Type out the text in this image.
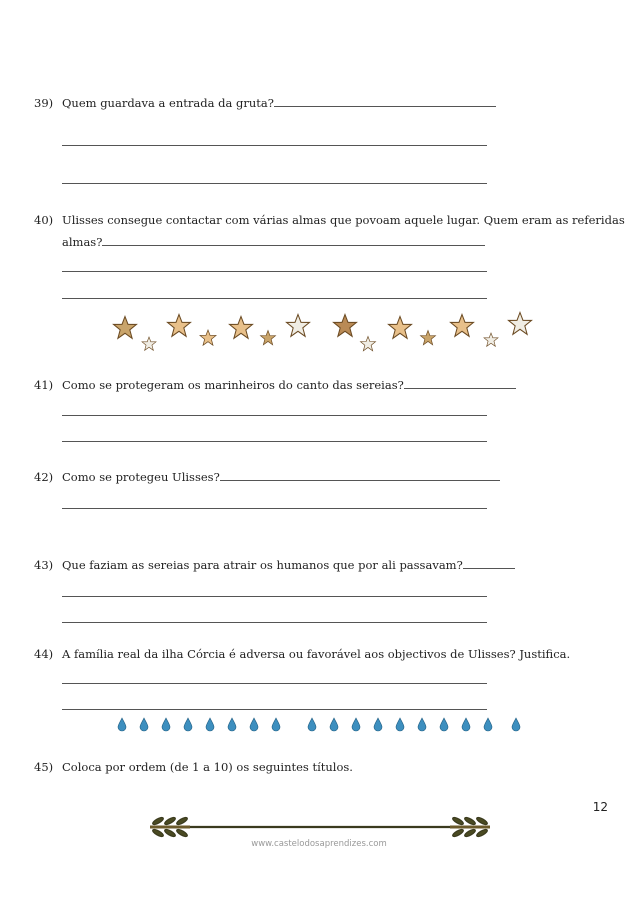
39) Quem guardava a entrada da gruta?
40) Ulisses consegue contactar com várias almas que povoam aquele lugar. Quem eram as referidas
almas?
41) Como se protegeram os marinheiros do canto das sereias?
42) Como se protegeu Ulisses?
43) Que faziam as sereias para atrair os humanos que por ali passavam?
44) A família real da ilha Córcia é adversa ou favorável aos objectivos de Ulisses? Justifica.
45) Coloca por ordem (de 1 a 10) os seguintes títulos.
12
www.castelodosaprendizes.com
